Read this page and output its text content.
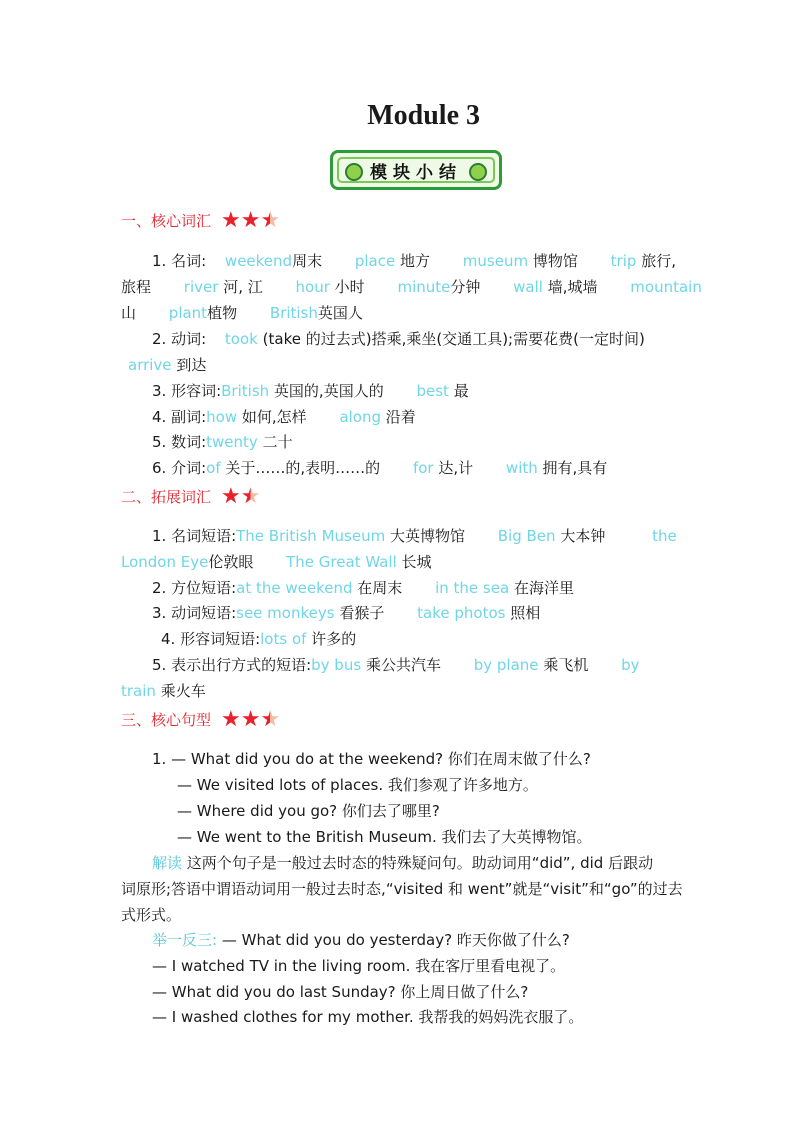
Module 3
模块小结
一、核心词汇 ★ ★ ★
1. 名词: weekend周末 place 地方 museum 博物馆 trip 旅行,
旅程 river 河, 江 hour 小时 minute分钟 wall 墙,城墙 mountain
山 plant植物 British英国人
2. 动词: took (take 的过去式)搭乘,乘坐(交通工具);需要花费(一定时间)
arrive 到达
3. 形容词:British 英国的,英国人的 best 最
4. 副词:how 如何,怎样 along 沿着
5. 数词:twenty 二十
6. 介词:of 关于……的,表明……的 for 达,计 with 拥有,具有
二、拓展词汇 ★ ★
1. 名词短语:The British Museum 大英博物馆 Big Ben 大本钟	the
London Eye伦敦眼 The Great Wall 长城
2. 方位短语:at the weekend 在周末 in the sea 在海洋里
3. 动词短语:see monkeys 看猴子 take photos 照相
4. 形容词短语:lots of 许多的
5. 表示出行方式的短语:by bus 乘公共汽车 by plane 乘飞机 by
train 乘火车
三、核心句型 ★ ★ ★
1. — What did you do at the weekend? 你们在周末做了什么?
— We visited lots of places. 我们参观了许多地方。
— Where did you go? 你们去了哪里?
— We went to the British Museum. 我们去了大英博物馆。
解读 这两个句子是一般过去时态的特殊疑问句。助动词用“did”, did 后跟动
词原形;答语中谓语动词用一般过去时态,“visited 和 went”就是“visit”和“go”的过去
式形式。
举一反三: — What did you do yesterday? 昨天你做了什么?
— I watched TV in the living room. 我在客厅里看电视了。
— What did you do last Sunday? 你上周日做了什么?
— I washed clothes for my mother. 我帮我的妈妈洗衣服了。
